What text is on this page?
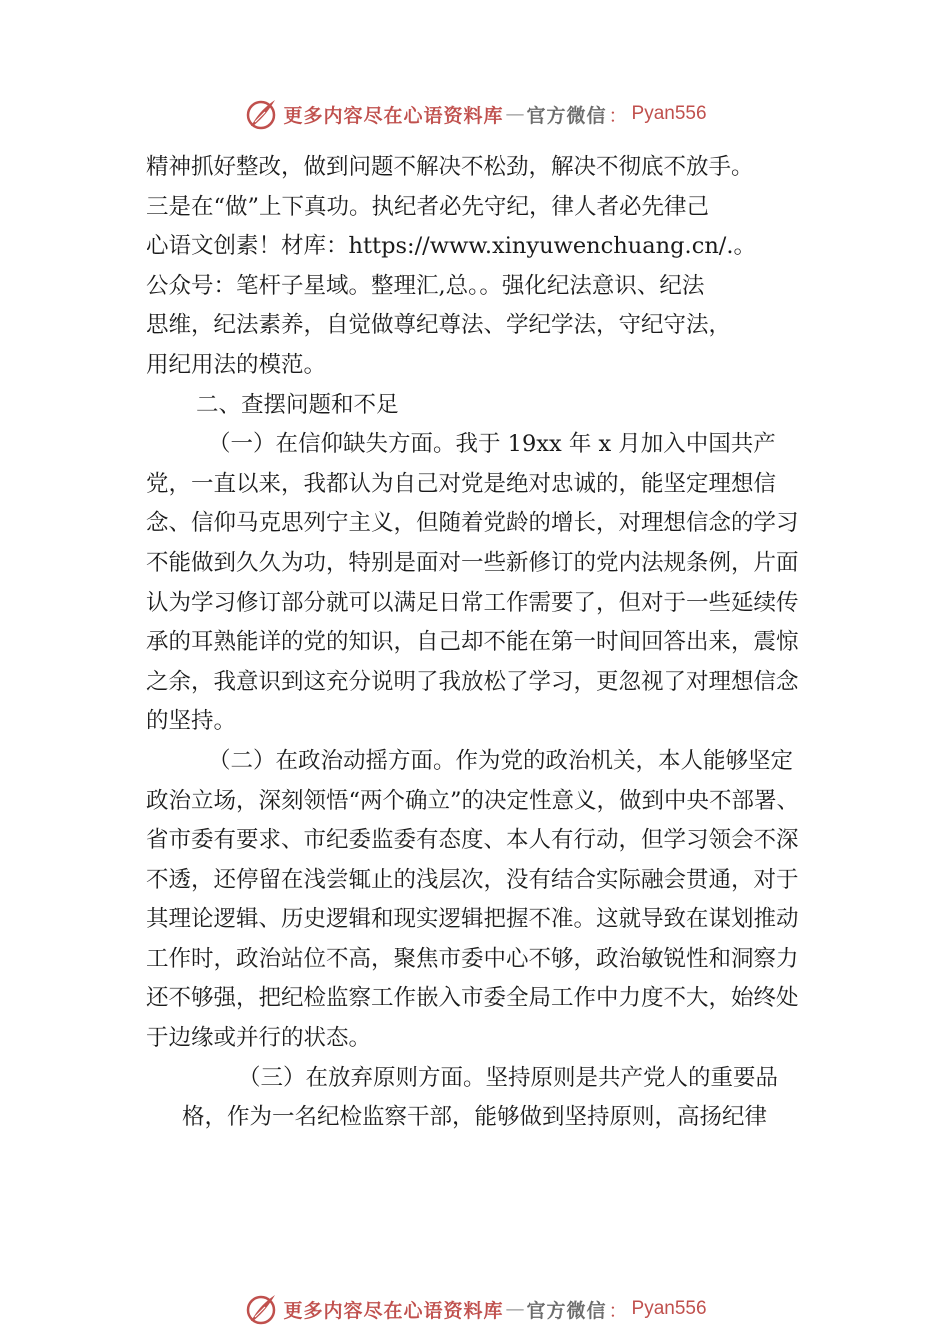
更多内容尽在心语资料库 — 官方微信 ： Pyan556

精神抓好整改，做到问题不解决不松劲，解决不彻底不放手。

三是在“做”上下真功。执纪者必先守纪，律人者必先律己

心语文创素！材库：https://www.xinyuwenchuang.cn/.。

公众号：笔杆子星域。整理汇,总。。强化纪法意识、纪法

思维，纪法素养，自觉做尊纪尊法、学纪学法，守纪守法，

用纪用法的模范。

二、查摆问题和不足

（一）在信仰缺失方面。我于 19xx 年 x 月加入中国共产党，一直以来，我都认为自己对党是绝对忠诚的，能坚定理想信念、信仰马克思列宁主义，但随着党龄的增长，对理想信念的学习不能做到久久为功，特别是面对一些新修订的党内法规条例，片面认为学习修订部分就可以满足日常工作需要了，但对于一些延续传承的耳熟能详的党的知识，自己却不能在第一时间回答出来，震惊之余，我意识到这充分说明了我放松了学习，更忽视了对理想信念的坚持。

（二）在政治动摇方面。作为党的政治机关，本人能够坚定政治立场，深刻领悟“两个确立”的决定性意义，做到中央不部署、省市委有要求、市纪委监委有态度、本人有行动，但学习领会不深不透，还停留在浅尝辄止的浅层次，没有结合实际融会贯通，对于其理论逻辑、历史逻辑和现实逻辑把握不准。这就导致在谋划推动工作时，政治站位不高，聚焦市委中心不够，政治敏锐性和洞察力还不够强，把纪检监察工作嵌入市委全局工作中力度不大，始终处于边缘或并行的状态。

（三）在放弃原则方面。坚持原则是共产党人的重要品格，作为一名纪检监察干部，能够做到坚持原则，高扬纪律

更多内容尽在心语资料库 — 官方微信 ： Pyan556
